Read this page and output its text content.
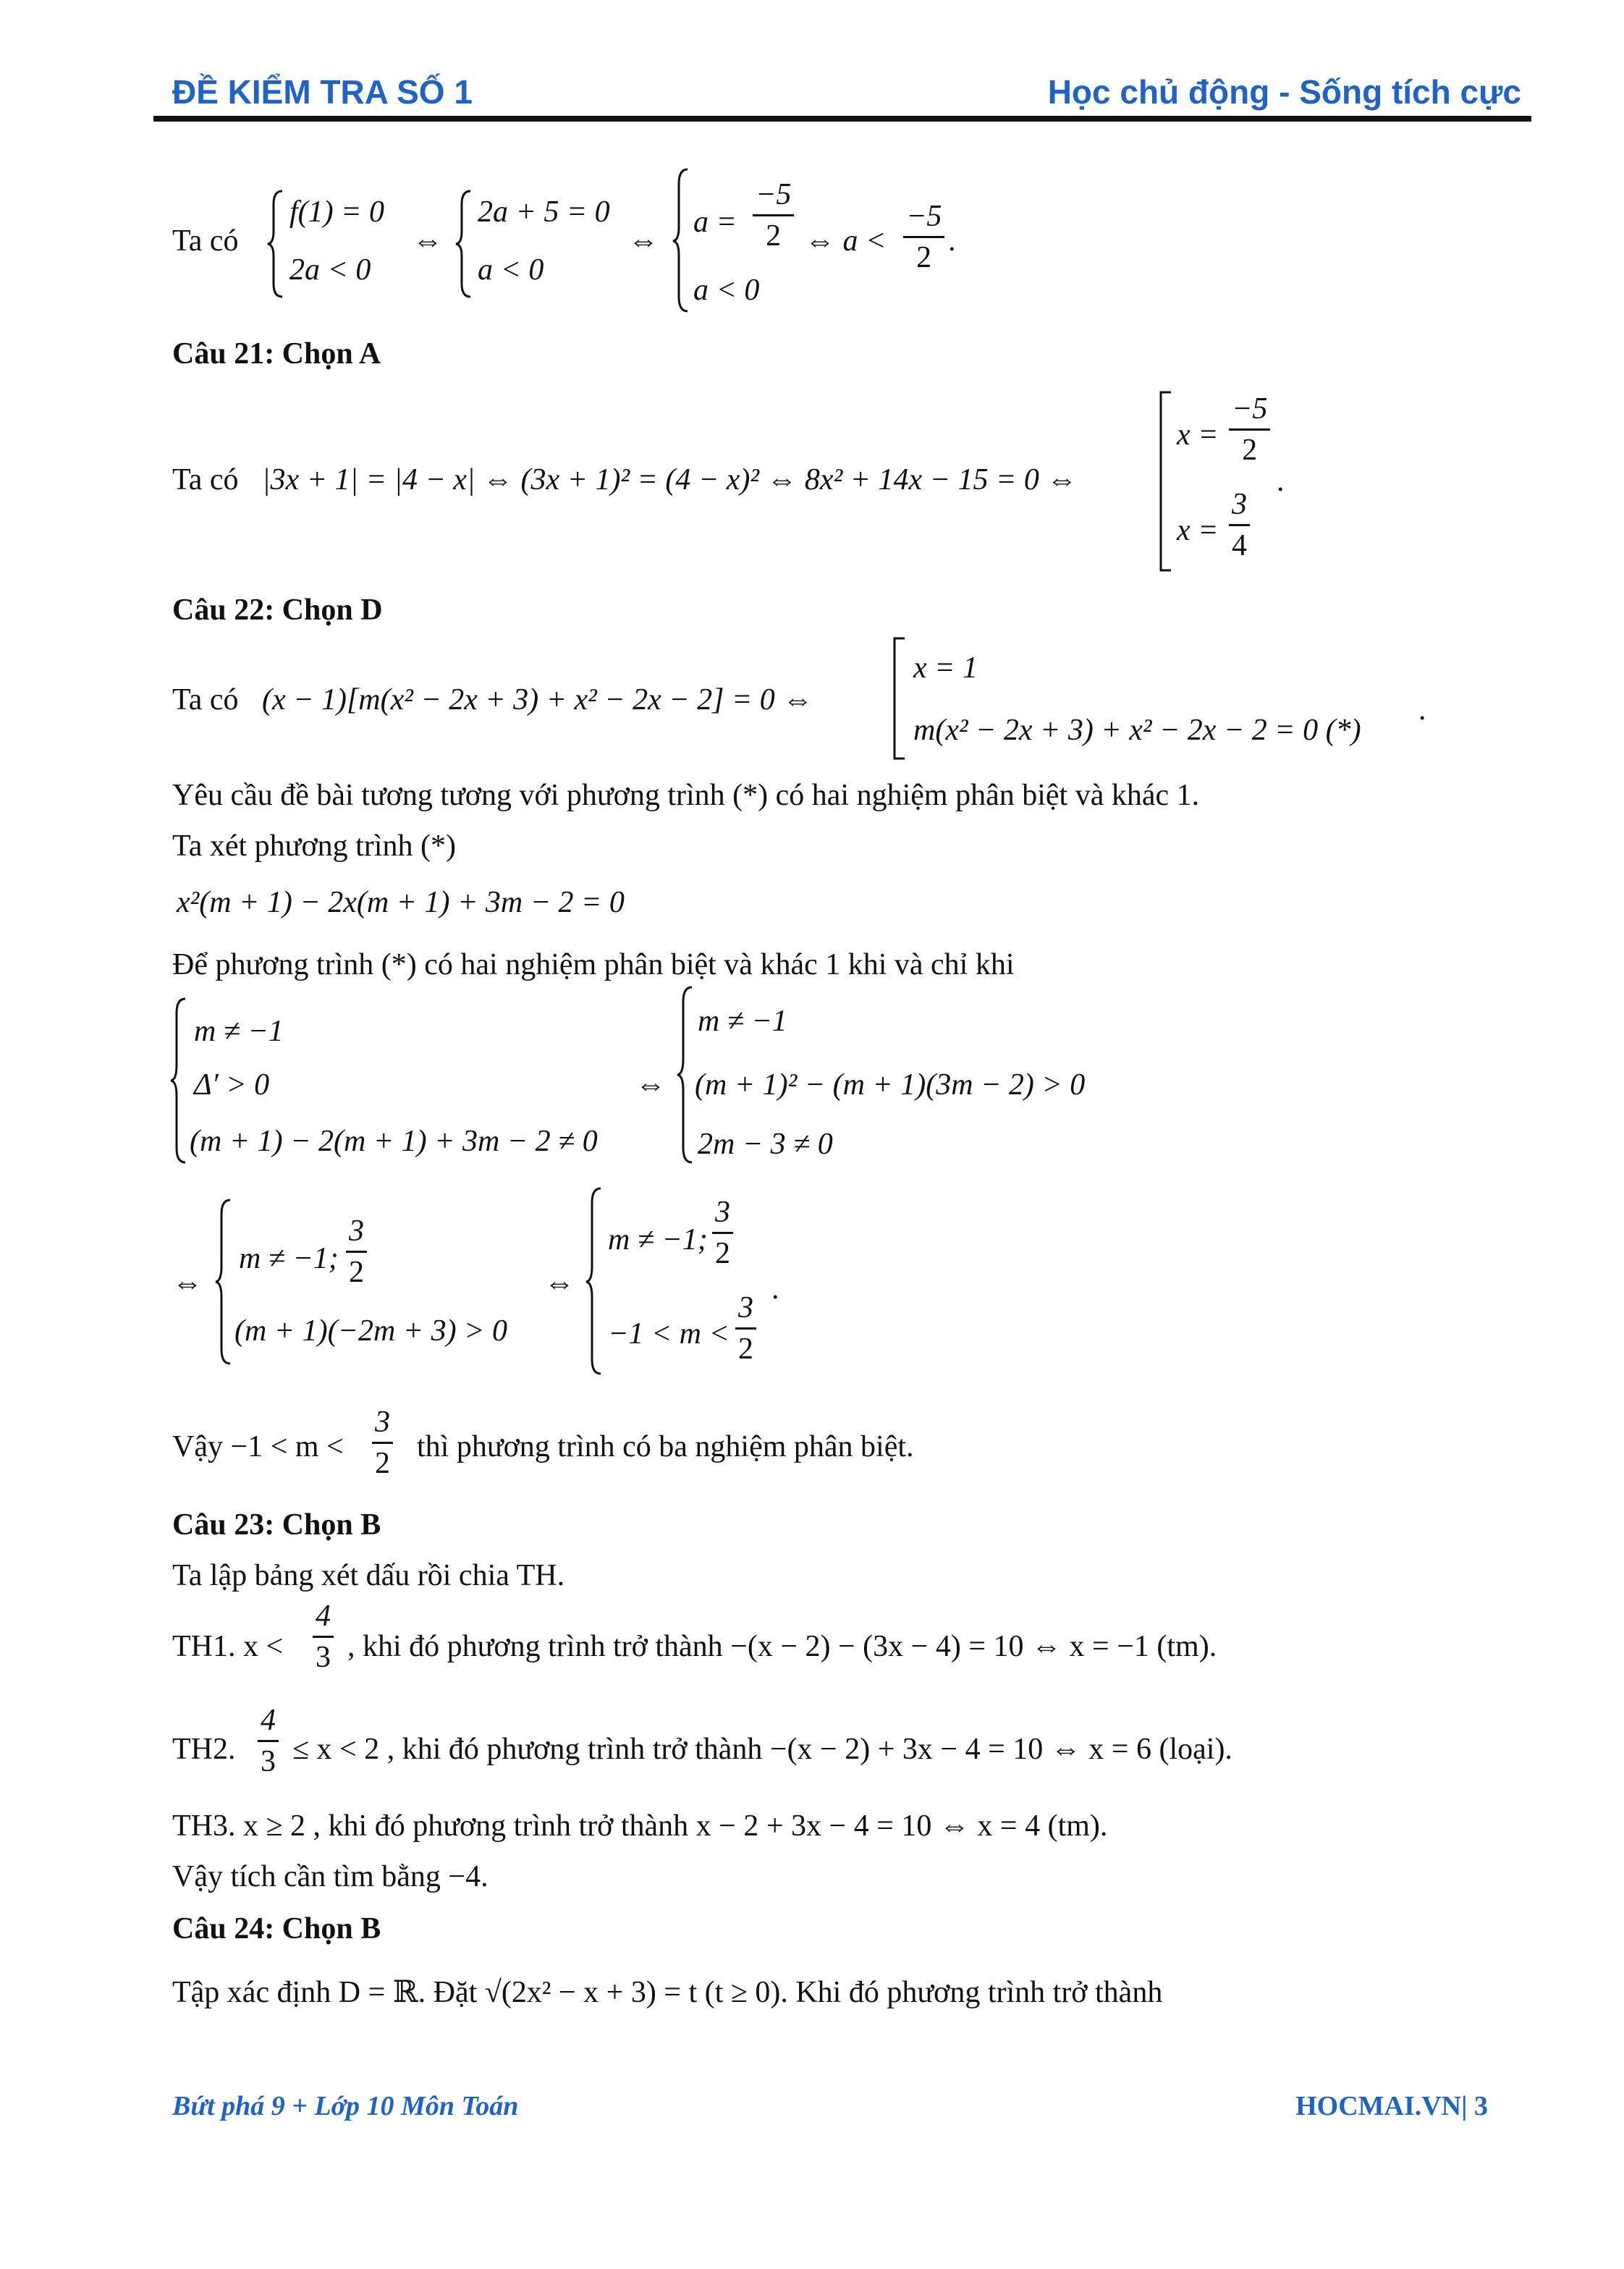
ĐỀ KIỂM TRA SỐ 1	Học chủ động - Sống tích cực
Ta có
f(1) = 0
2a < 0
⇔
2a + 5 = 0
a < 0
⇔
$a = \frac{-5}{2}$
a < 0
⇔ $a < \frac{-5}{2}$ .
Câu 21: Chọn A
Ta có |3x + 1| = |4 − x| ⇔ (3x + 1)² = (4 − x)² ⇔ 8x² + 14x − 15 = 0 ⇔
$x = \frac{-5}{2}$
$x = \frac{3}{4}$
.
Câu 22: Chọn D
Ta có (x − 1)[m(x² − 2x + 3) + x² − 2x − 2] = 0 ⇔
x = 1
m(x² − 2x + 3) + x² − 2x − 2 = 0 (*)
.
Yêu cầu đề bài tương tương với phương trình (*) có hai nghiệm phân biệt và khác 1.
Ta xét phương trình (*)
x²(m + 1) − 2x(m + 1) + 3m − 2 = 0
Để phương trình (*) có hai nghiệm phân biệt và khác 1 khi và chỉ khi
m ≠ −1
Δ′ > 0
(m + 1) − 2(m + 1) + 3m − 2 ≠ 0
⇔
m ≠ −1
(m + 1)² − (m + 1)(3m − 2) > 0
2m − 3 ≠ 0
⇔
m ≠ −1; $\frac{3}{2}$
(m + 1)(−2m + 3) > 0
⇔
m ≠ −1; $\frac{3}{2}$
$-1 < m < \frac{3}{2}$
.
Vậy $-1 < m < \frac{3}{2}$ thì phương trình có ba nghiệm phân biệt.
Câu 23: Chọn B
Ta lập bảng xét dấu rồi chia TH.
TH1. $x < \frac{4}{3}$ , khi đó phương trình trở thành −(x − 2) − (3x − 4) = 10 ⇔ x = −1 (tm).
TH2. $\frac{4}{3} \le x < 2$ , khi đó phương trình trở thành −(x − 2) + 3x − 4 = 10 ⇔ x = 6 (loại).
TH3. x ≥ 2 , khi đó phương trình trở thành x − 2 + 3x − 4 = 10 ⇔ x = 4 (tm).
Vậy tích cần tìm bằng −4.
Câu 24: Chọn B
Tập xác định D = ℝ. Đặt √(2x² − x + 3) = t (t ≥ 0). Khi đó phương trình trở thành
Bứt phá 9 + Lớp 10 Môn Toán	HOCMAI.VN| 3
